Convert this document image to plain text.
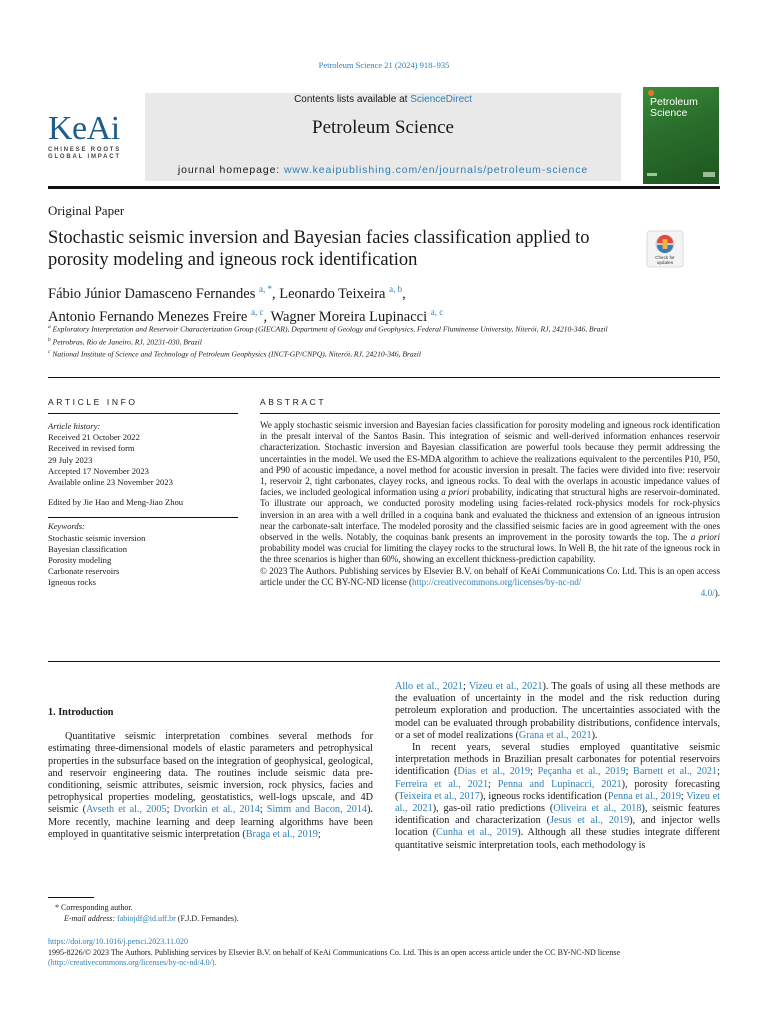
Petroleum Science 21 (2024) 918–935
KeAi
CHINESE ROOTS
GLOBAL IMPACT
Contents lists available at ScienceDirect
Petroleum Science
journal homepage: www.keaipublishing.com/en/journals/petroleum-science
Petroleum
Science
Original Paper
Stochastic seismic inversion and Bayesian facies classification applied to porosity modeling and igneous rock identification	Check for
updates
Fábio Júnior Damasceno Fernandes $^{a, *}$, Leonardo Teixeira $^{a, b}$,
Antonio Fernando Menezes Freire $^{a, c}$, Wagner Moreira Lupinacci $^{a, c}$
$^a$ Exploratory Interpretation and Reservoir Characterization Group (GIECAR), Department of Geology and Geophysics, Federal Fluminense University, Niterói, RJ, 24210-346, Brazil
$^b$ Petrobras, Rio de Janeiro, RJ, 20231-030, Brazil
$^c$ National Institute of Science and Technology of Petroleum Geophysics (INCT-GP/CNPQ), Niterói, RJ, 24210-346, Brazil
ARTICLE INFO	ABSTRACT
Article history:
Received 21 October 2022
Received in revised form
29 July 2023
Accepted 17 November 2023
Available online 23 November 2023
Edited by Jie Hao and Meng-Jiao Zhou
Keywords:
Stochastic seismic inversion
Bayesian classification
Porosity modeling
Carbonate reservoirs
Igneous rocks
We apply stochastic seismic inversion and Bayesian facies classification for porosity modeling and igneous rock identification in the presalt interval of the Santos Basin. This integration of seismic and well-derived information enhances reservoir characterization. Stochastic inversion and Bayesian classification are powerful tools because they permit addressing the uncertainties in the model. We used the ES-MDA algorithm to achieve the realizations equivalent to the percentiles P10, P50, and P90 of acoustic impedance, a novel method for acoustic inversion in presalt. The facies were divided into five: reservoir 1, reservoir 2, tight carbonates, clayey rocks, and igneous rocks. To deal with the overlaps in acoustic impedance values of facies, we included geological information using a priori probability, indicating that structural highs are reservoir-dominated. To illustrate our approach, we conducted porosity modeling using facies-related rock-physics models for rock-physics inversion in an area with a well drilled in a coquina bank and evaluated the thickness and extension of an igneous intrusion near the carbonate-salt interface. The modeled porosity and the classified seismic facies are in good agreement with the ones observed in the wells. Notably, the coquinas bank presents an improvement in the porosity towards the top. The a priori probability model was crucial for limiting the clayey rocks to the structural lows. In Well B, the hit rate of the igneous rock in the three scenarios is higher than 60%, showing an excellent thickness-prediction capability.
© 2023 The Authors. Publishing services by Elsevier B.V. on behalf of KeAi Communications Co. Ltd. This is an open access article under the CC BY-NC-ND license (http://creativecommons.org/licenses/by-nc-nd/
4.0/).

1. Introduction

Quantitative seismic interpretation combines several methods for estimating three-dimensional models of elastic parameters and petrophysical properties in the subsurface based on the integration of geophysical, geological, and reservoir engineering data. The routines include seismic data pre-conditioning, seismic attributes, seismic inversion, rock physics, facies and petrophysical properties modeling, geostatistics, well-logs upscale, and 4D seismic (Avseth et al., 2005; Dvorkin et al., 2014; Simm and Bacon, 2014). More recently, machine learning and deep learning algorithms have been employed in quantitative seismic interpretation (Braga et al., 2019;

Allo et al., 2021; Vizeu et al., 2021). The goals of using all these methods are the evaluation of uncertainty in the model and the risk reduction during petroleum exploration and production. The uncertainties associated with the model can be evaluated through probability distributions, confidence intervals, or a set of model realizations (Grana et al., 2021).

In recent years, several studies employed quantitative seismic interpretation methods in Brazilian presalt carbonates for potential reservoirs identification (Dias et al., 2019; Peçanha et al., 2019; Barnett et al., 2021; Ferreira et al., 2021; Penna and Lupinacci, 2021), porosity forecasting (Teixeira et al., 2017), igneous rocks identification (Penna et al., 2019; Vizeu et al., 2021), gas-oil ratio predictions (Oliveira et al., 2018), seismic features identification and characterization (Jesus et al., 2019), and injector wells location (Cunha et al., 2019). Although all these studies integrate different quantitative seismic interpretation tools, each methodology is

* Corresponding author.
E-mail address: fabiojdf@id.uff.br (F.J.D. Fernandes).
https://doi.org/10.1016/j.petsci.2023.11.020
1995-8226/© 2023 The Authors. Publishing services by Elsevier B.V. on behalf of KeAi Communications Co. Ltd. This is an open access article under the CC BY-NC-ND license
(http://creativecommons.org/licenses/by-nc-nd/4.0/).
